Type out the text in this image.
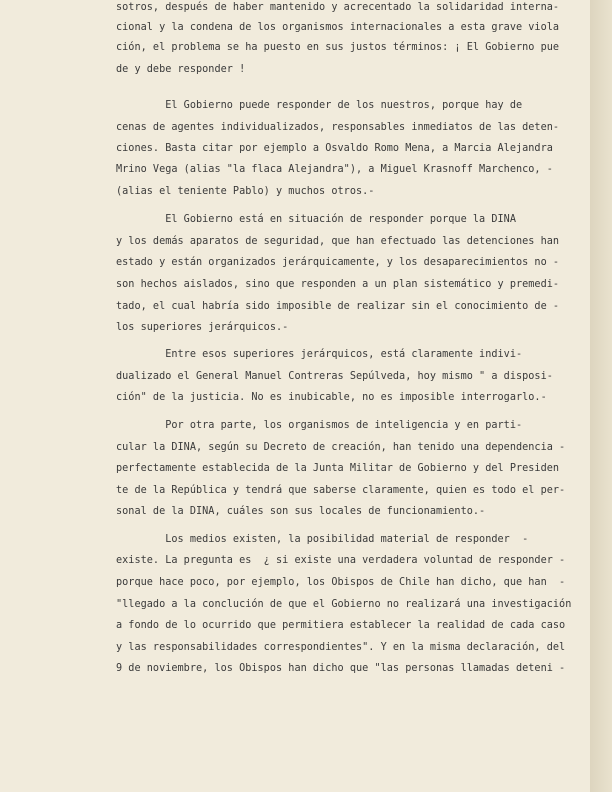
sotros, después de haber mantenido y acrecentado la solidaridad interna-
cional y la condena de los organismos internacionales a esta grave viola
ción, el problema se ha puesto en sus justos términos: ¡ El Gobierno pue
de y debe responder !
El Gobierno puede responder de los nuestros, porque hay de
cenas de agentes individualizados, responsables inmediatos de las deten-
ciones. Basta citar por ejemplo a Osvaldo Romo Mena, a Marcia Alejandra
Mrino Vega (alias "la flaca Alejandra"), a Miguel Krasnoff Marchenco, -
(alias el teniente Pablo) y muchos otros.-
El Gobierno está en situación de responder porque la DINA
y los demás aparatos de seguridad, que han efectuado las detenciones han
estado y están organizados jerárquicamente, y los desaparecimientos no -
son hechos aislados, sino que responden a un plan sistemático y premedi-
tado, el cual habría sido imposible de realizar sin el conocimiento de -
los superiores jerárquicos.-
Entre esos superiores jerárquicos, está claramente indivi-
dualizado el General Manuel Contreras Sepúlveda, hoy mismo " a disposi-
ción" de la justicia. No es inubicable, no es imposible interrogarlo.-
Por otra parte, los organismos de inteligencia y en parti-
cular la DINA, según su Decreto de creación, han tenido una dependencia -
perfectamente establecida de la Junta Militar de Gobierno y del Presiden
te de la República y tendrá que saberse claramente, quien es todo el per-
sonal de la DINA, cuáles son sus locales de funcionamiento.-
Los medios existen, la posibilidad material de responder  -
existe. La pregunta es  ¿ si existe una verdadera voluntad de responder -
porque hace poco, por ejemplo, los Obispos de Chile han dicho, que han  -
"llegado a la conclución de que el Gobierno no realizará una investigación
a fondo de lo ocurrido que permitiera establecer la realidad de cada caso
y las responsabilidades correspondientes". Y en la misma declaración, del
9 de noviembre, los Obispos han dicho que "las personas llamadas deteni -
